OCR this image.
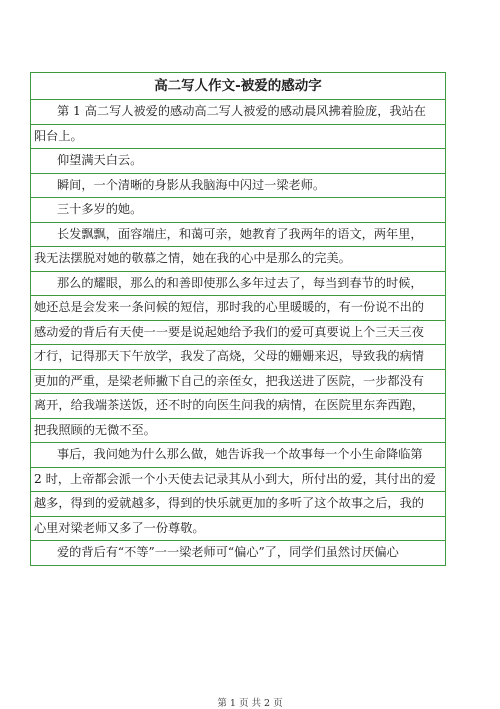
高二写人作文-被爱的感动字
第 1 高二写人被爱的感动高二写人被爱的感动晨风拂着脸庞，我站在
阳台上。
仰望满天白云。
瞬间，一个清晰的身影从我脑海中闪过一梁老师。
三十多岁的她。
长发飘飘，面容端庄，和蔼可亲，她教育了我两年的语文，两年里，
我无法摆脱对她的敬慕之情，她在我的心中是那么的完美。
那么的耀眼，那么的和善即使那么多年过去了，每当到春节的时候，
她还总是会发来一条问候的短信，那时我的心里暖暖的，有一份说不出的
感动爱的背后有天使一一要是说起她给予我们的爱可真要说上个三天三夜
才行，记得那天下午放学，我发了高烧，父母的姗姗来迟，导致我的病情
更加的严重，是梁老师撇下自己的亲侄女，把我送进了医院，一步都没有
离开，给我端茶送饭，还不时的向医生问我的病情，在医院里东奔西跑，
把我照顾的无微不至。
事后，我问她为什么那么做，她告诉我一个故事每一个小生命降临第
2 时，上帝都会派一个小天使去记录其从小到大，所付出的爱，其付出的爱
越多，得到的爱就越多，得到的快乐就更加的多听了这个故事之后，我的
心里对梁老师又多了一份尊敬。
爱的背后有“不等”一一梁老师可“偏心”了，同学们虽然讨厌偏心
第 1 页 共 2 页
